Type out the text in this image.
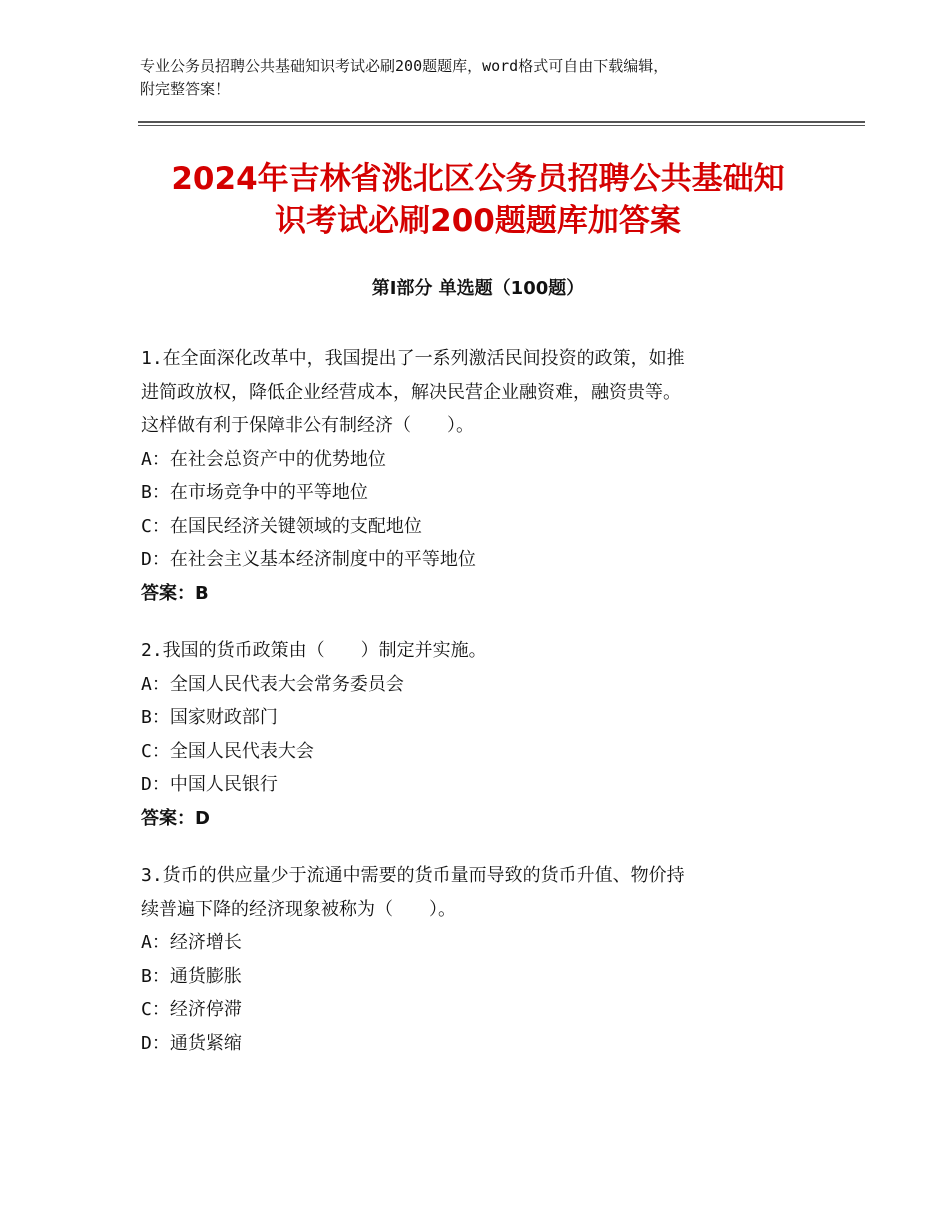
专业公务员招聘公共基础知识考试必刷200题题库，word格式可自由下载编辑，
附完整答案！
2024年吉林省洮北区公务员招聘公共基础知
识考试必刷200题题库加答案
第Ⅰ部分 单选题（100题）

1.在全面深化改革中，我国提出了一系列激活民间投资的政策，如推

进简政放权，降低企业经营成本，解决民营企业融资难，融资贵等。

这样做有利于保障非公有制经济（　　）。

A：在社会总资产中的优势地位

B：在市场竞争中的平等地位

C：在国民经济关键领域的支配地位

D：在社会主义基本经济制度中的平等地位

答案：B

2.我国的货币政策由（　　）制定并实施。

A：全国人民代表大会常务委员会

B：国家财政部门

C：全国人民代表大会

D：中国人民银行

答案：D

3.货币的供应量少于流通中需要的货币量而导致的货币升值、物价持

续普遍下降的经济现象被称为（　　）。

A：经济增长

B：通货膨胀

C：经济停滞

D：通货紧缩
